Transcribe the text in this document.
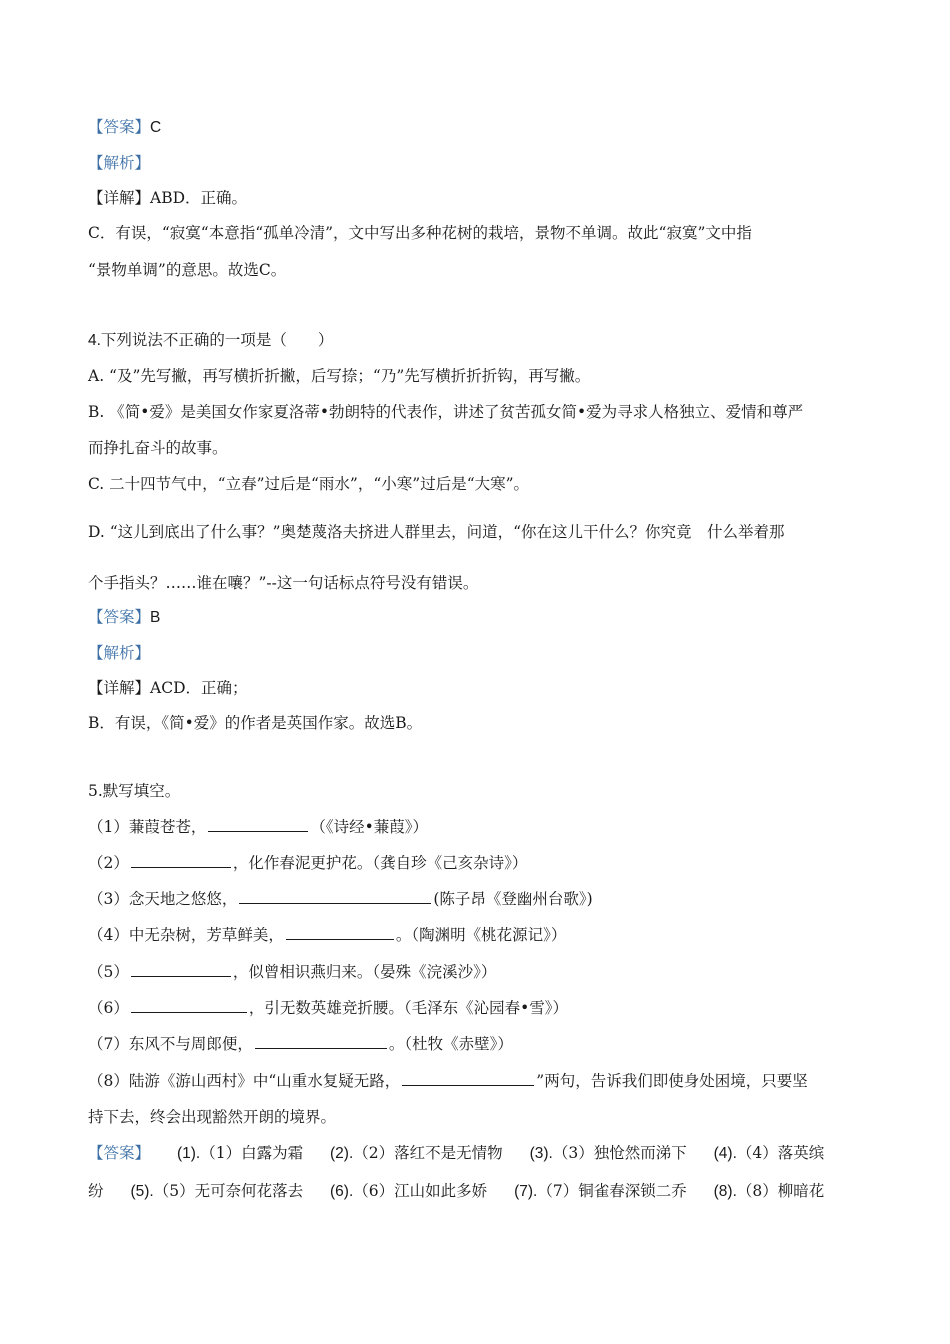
【答案】C
【解析】
【详解】ABD．正确。
C．有误，“寂寞“本意指“孤单冷清”，文中写出多种花树的栽培，景物不单调。故此“寂寞”文中指
“景物单调”的意思。故选C。
4.下列说法不正确的一项是（　　）
A. “及”先写撇，再写横折折撇，后写捺；“乃”先写横折折折钩，再写撇。
B. 《简•爱》是美国女作家夏洛蒂•勃朗特的代表作，讲述了贫苦孤女简•爱为寻求人格独立、爱情和尊严
而挣扎奋斗的故事。
C. 二十四节气中，“立春”过后是“雨水”，“小寒”过后是“大寒”。
D. “这儿到底出了什么事？”奥楚蔑洛夫挤进人群里去，问道，“你在这儿干什么？你究竟　什么举着那
个手指头？……谁在嚷？”--这一句话标点符号没有错误。
【答案】B
【解析】
【详解】ACD．正确；
B．有误，《简•爱》的作者是英国作家。故选B。
5.默写填空。
（1）蒹葭苍苍，	（《诗经•蒹葭》）
（2）	，化作春泥更护花。（龚自珍《己亥杂诗》）
（3）念天地之悠悠，	(陈子昂《登幽州台歌》)
（4）中无杂树，芳草鲜美，	。（陶渊明《桃花源记》）
（5）	，似曾相识燕归来。（晏殊《浣溪沙》）
（6）	，引无数英雄竞折腰。（毛泽东《沁园春•雪》）
（7）东风不与周郎便，	。（杜牧《赤壁》）
（8）陆游《游山西村》中“山重水复疑无路，	”两句，告诉我们即使身处困境，只要坚
持下去，终会出现豁然开朗的境界。
【答案】 (1).（1）白露为霜 (2).（2）落红不是无情物 (3).（3）独怆然而涕下 (4).（4）落英缤
纷 (5).（5）无可奈何花落去 (6).（6）江山如此多娇 (7).（7）铜雀春深锁二乔 (8).（8）柳暗花
